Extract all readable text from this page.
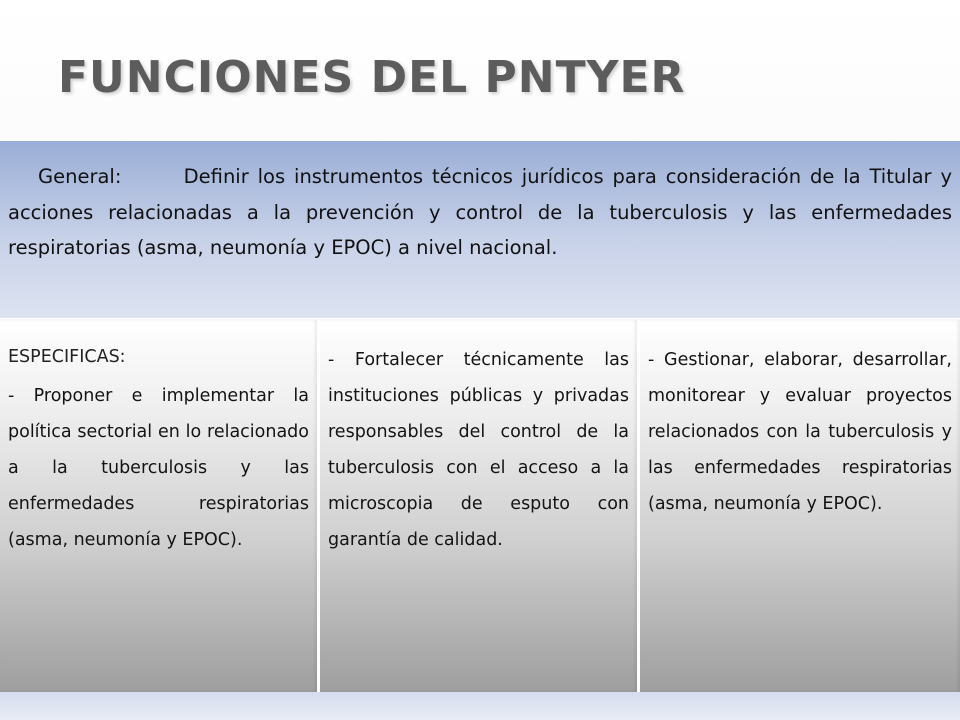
FUNCIONES DEL PNTYER

General:	Definir los instrumentos técnicos jurídicos para consideración de la Titular y acciones relacionadas a la prevención y control de la tuberculosis y las enfermedades respiratorias (asma, neumonía y EPOC) a nivel nacional.

ESPECIFICAS:

- Proponer e implementar la política sectorial en lo relacionado a la tuberculosis y las enfermedades respiratorias (asma, neumonía y EPOC).

- Fortalecer técnicamente las instituciones públicas y privadas responsables del control de la tuberculosis con el acceso a la microscopia de esputo con garantía de calidad.

- Gestionar, elaborar, desarrollar, monitorear y evaluar proyectos relacionados con la tuberculosis y las enfermedades respiratorias (asma, neumonía y EPOC).
